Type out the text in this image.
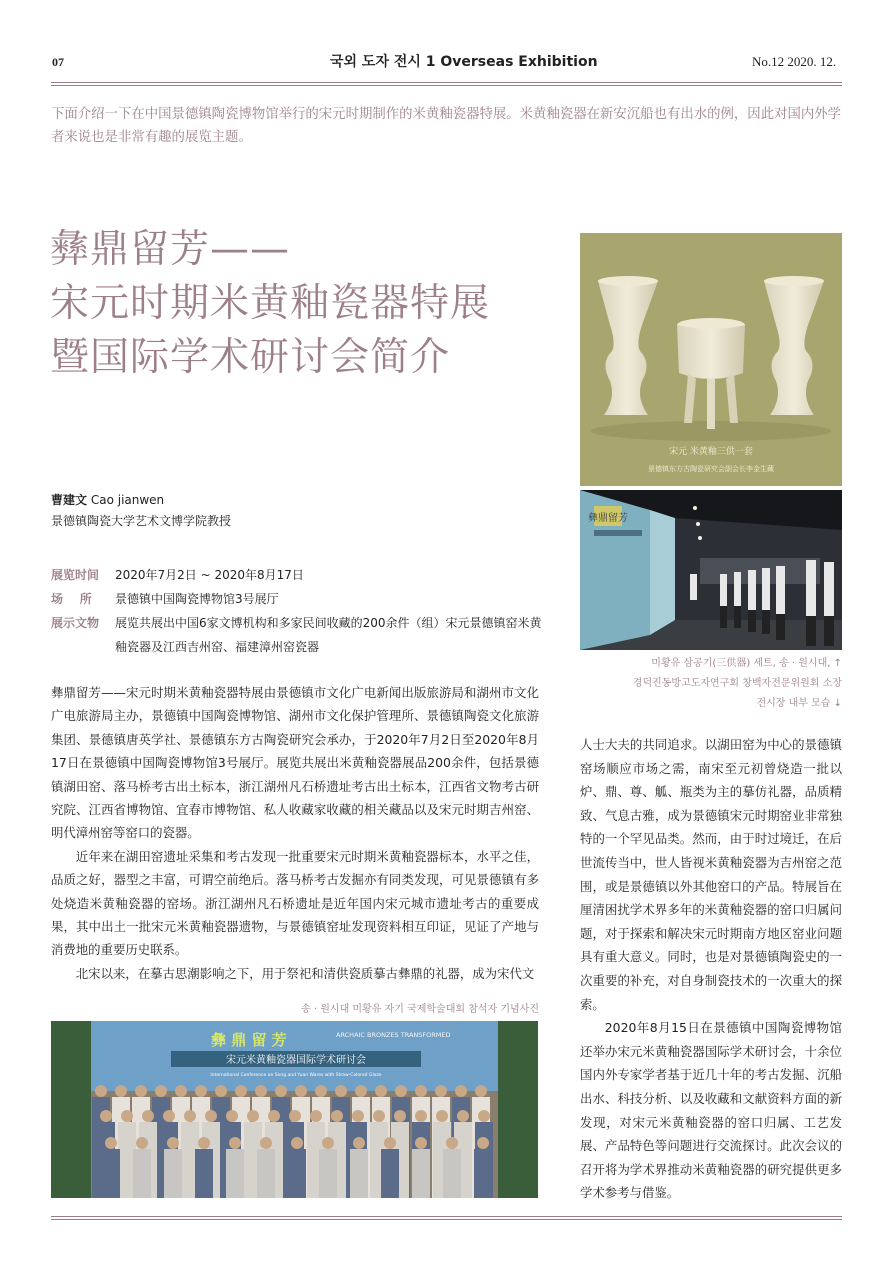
07	국외 도자 전시 1 Overseas Exhibition	No.12 2020. 12.
下面介绍一下在中国景德镇陶瓷博物馆举行的宋元时期制作的米黄釉瓷器特展。米黄釉瓷器在新安沉船也有出水的例，因此对国内外学者来说也是非常有趣的展览主题。
彝鼎留芳——
宋元时期米黄釉瓷器特展
暨国际学术研讨会简介
曹建文 Cao jianwen
景德镇陶瓷大学艺术文博学院教授
展览时间	2020年7月2日 ~ 2020年8月17日
场    所	景德镇中国陶瓷博物馆3号展厅
展示文物	展览共展出中国6家文博机构和多家民间收藏的200余件（组）宋元景德镇窑米黄釉瓷器及江西吉州窑、福建漳州窑瓷器

彝鼎留芳——宋元时期米黄釉瓷器特展由景德镇市文化广电新闻出版旅游局和湖州市文化广电旅游局主办，景德镇中国陶瓷博物馆、湖州市文化保护管理所、景德镇陶瓷文化旅游集团、景德镇唐英学社、景德镇东方古陶瓷研究会承办，于2020年7月2日至2020年8月17日在景德镇中国陶瓷博物馆3号展厅。展览共展出米黄釉瓷器展品200余件，包括景德镇湖田窑、落马桥考古出土标本，浙江湖州凡石桥遗址考古出土标本，江西省文物考古研究院、江西省博物馆、宜春市博物馆、私人收藏家收藏的相关藏品以及宋元时期吉州窑、明代漳州窑等窑口的瓷器。

近年来在湖田窑遗址采集和考古发现一批重要宋元时期米黄釉瓷器标本，水平之佳，品质之好，器型之丰富，可谓空前绝后。落马桥考古发掘亦有同类发现，可见景德镇有多处烧造米黄釉瓷器的窑场。浙江湖州凡石桥遗址是近年国内宋元城市遗址考古的重要成果，其中出土一批宋元米黄釉瓷器遗物，与景德镇窑址发现资料相互印证，见证了产地与消费地的重要历史联系。

北宋以来，在摹古思潮影响之下，用于祭祀和清供瓷质摹古彝鼎的礼器，成为宋代文

송 · 원시대 미황유 자기 국제학술대회 참석자 기념사진
宋元 米黄釉三供一套
景德镇东方古陶瓷研究会副会长李金生藏
彝鼎留芳
미황유 삼공기(三供器) 세트, 송 · 원시대, ↑
경덕진동방고도자연구회 창백자전문위원회 소장
전시장 내부 모습 ↓

人士大夫的共同追求。以湖田窑为中心的景德镇窑场顺应市场之需，南宋至元初曾烧造一批以炉、鼎、尊、觚、瓶类为主的摹仿礼器，品质精致、气息古雅，成为景德镇宋元时期窑业非常独特的一个罕见品类。然而，由于时过境迁，在后世流传当中，世人皆视米黄釉瓷器为吉州窑之范围，或是景德镇以外其他窑口的产品。特展旨在厘清困扰学术界多年的米黄釉瓷器的窑口归属问题，对于探索和解决宋元时期南方地区窑业问题具有重大意义。同时，也是对景德镇陶瓷史的一次重要的补充，对自身制瓷技术的一次重大的探索。

2020年8月15日在景德镇中国陶瓷博物馆还举办宋元米黄釉瓷器国际学术研讨会，十余位国内外专家学者基于近几十年的考古发掘、沉船出水、科技分析、以及收藏和文献资料方面的新发现，对宋元米黄釉瓷器的窑口归属、工艺发展、产品特色等问题进行交流探讨。此次会议的召开将为学术界推动米黄釉瓷器的研究提供更多学术参考与借鉴。

彝 鼎 留 芳	ARCHAIC BRONZES TRANSFORMED
宋元米黄釉瓷器国际学术研讨会
International Conference on Song and Yuan Wares with Straw-Colored Glaze
